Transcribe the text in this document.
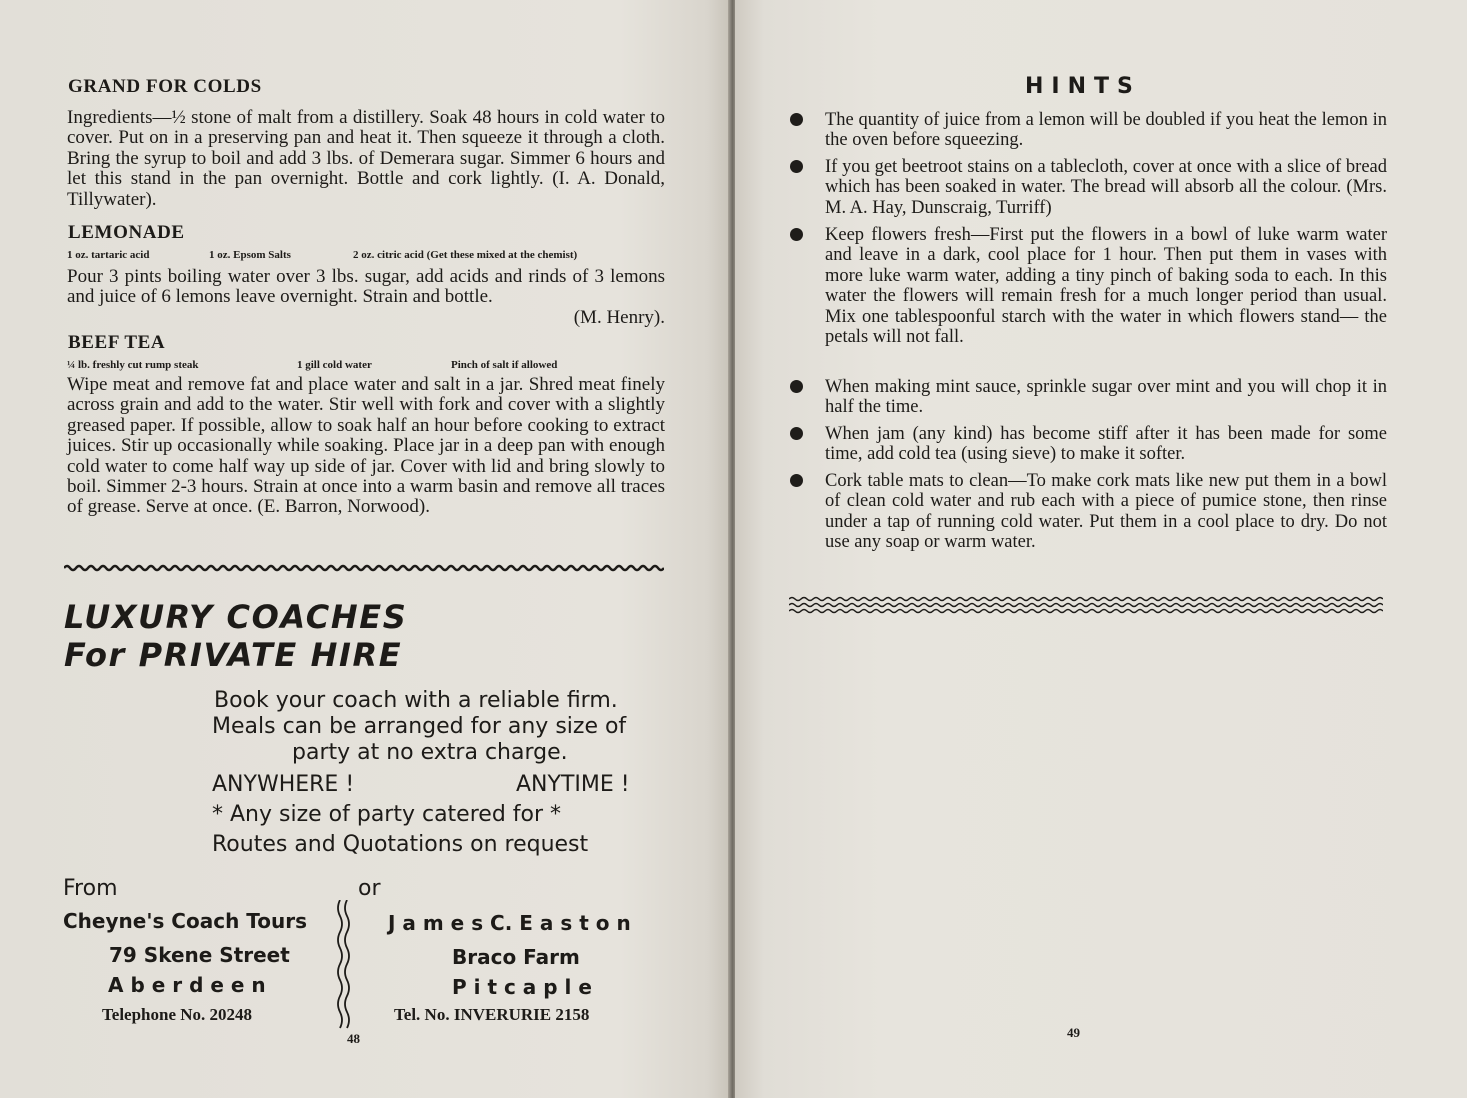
GRAND FOR COLDS
Ingredients—½ stone of malt from a distillery. Soak 48 hours in cold water to cover. Put on in a preserving pan and heat it. Then squeeze it through a cloth. Bring the syrup to boil and add 3 lbs. of Demerara sugar. Simmer 6 hours and let this stand in the pan overnight. Bottle and cork lightly. (I. A. Donald, Tillywater).
LEMONADE
1 oz. tartaric acid	1 oz. Epsom Salts	2 oz. citric acid (Get these mixed at the chemist)
Pour 3 pints boiling water over 3 lbs. sugar, add acids and rinds of 3 lemons and juice of 6 lemons leave overnight. Strain and bottle.
(M. Henry).
BEEF TEA
¼ lb. freshly cut rump steak	1 gill cold water	Pinch of salt if allowed
Wipe meat and remove fat and place water and salt in a jar. Shred meat finely across grain and add to the water. Stir well with fork and cover with a slightly greased paper. If possible, allow to soak half an hour before cooking to extract juices. Stir up occasionally while soaking. Place jar in a deep pan with enough cold water to come half way up side of jar. Cover with lid and bring slowly to boil. Simmer 2-3 hours. Strain at once into a warm basin and remove all traces of grease. Serve at once. (E. Barron, Norwood).
LUXURY COACHES
For PRIVATE HIRE
Book your coach with a reliable firm.
Meals can be arranged for any size of
party at no extra charge.
ANYWHERE !	ANYTIME !
* Any size of party catered for *
Routes and Quotations on request
From	or
Cheyne's Coach Tours
79 Skene Street
A b e r d e e n
Telephone No. 20248
J a m e s C. E a s t o n
Braco Farm
P i t c a p l e
Tel. No. INVERURIE 2158
48
HINTS
The quantity of juice from a lemon will be doubled if you heat the lemon in the oven before squeezing.
If you get beetroot stains on a tablecloth, cover at once with a slice of bread which has been soaked in water. The bread will absorb all the colour. (Mrs. M. A. Hay, Dunscraig, Turriff)
Keep flowers fresh—First put the flowers in a bowl of luke warm water and leave in a dark, cool place for 1 hour. Then put them in vases with more luke warm water, adding a tiny pinch of baking soda to each. In this water the flowers will remain fresh for a much longer period than usual. Mix one tablespoonful starch with the water in which flowers stand— the petals will not fall.
When making mint sauce, sprinkle sugar over mint and you will chop it in half the time.
When jam (any kind) has become stiff after it has been made for some time, add cold tea (using sieve) to make it softer.
Cork table mats to clean—To make cork mats like new put them in a bowl of clean cold water and rub each with a piece of pumice stone, then rinse under a tap of running cold water. Put them in a cool place to dry. Do not use any soap or warm water.
49
